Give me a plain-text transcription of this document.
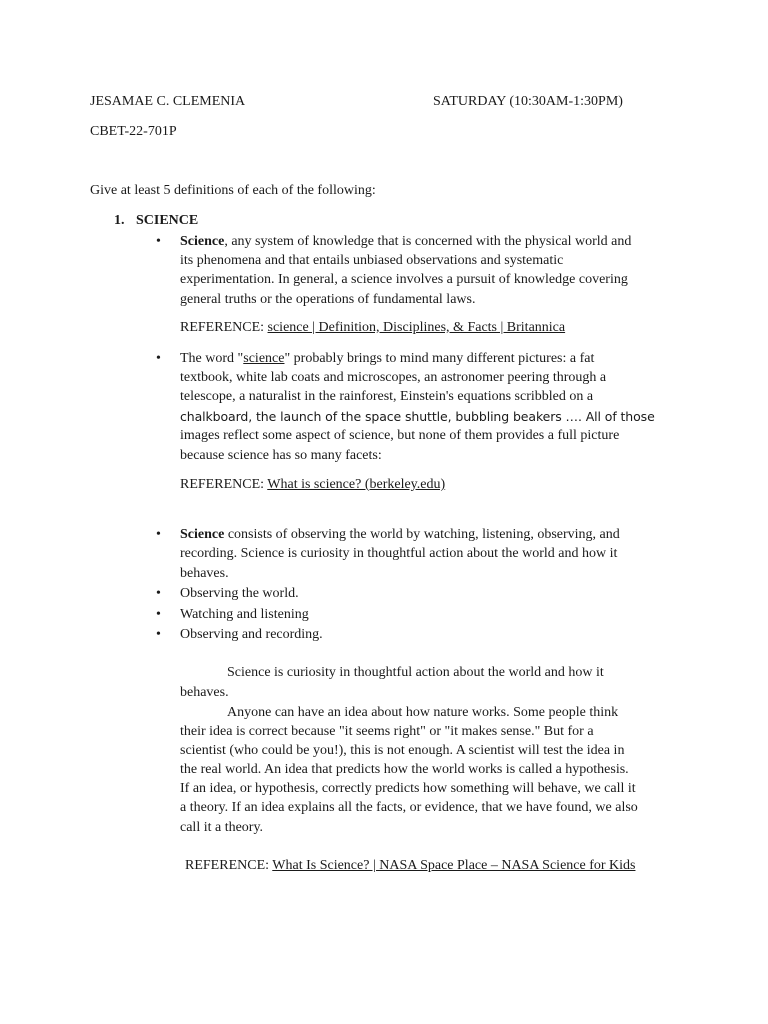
JESAMAE C. CLEMENIA	SATURDAY (10:30AM-1:30PM)
CBET-22-701P
Give at least 5 definitions of each of the following:
1. SCIENCE
• Science, any system of knowledge that is concerned with the physical world and
its phenomena and that entails unbiased observations and systematic
experimentation. In general, a science involves a pursuit of knowledge covering
general truths or the operations of fundamental laws.
REFERENCE: science | Definition, Disciplines, & Facts | Britannica
• The word "science" probably brings to mind many different pictures: a fat
textbook, white lab coats and microscopes, an astronomer peering through a
telescope, a naturalist in the rainforest, Einstein's equations scribbled on a
chalkboard, the launch of the space shuttle, bubbling beakers …. All of those
images reflect some aspect of science, but none of them provides a full picture
because science has so many facets:
REFERENCE: What is science? (berkeley.edu)
• Science consists of observing the world by watching, listening, observing, and
recording. Science is curiosity in thoughtful action about the world and how it
behaves.
• Observing the world.
• Watching and listening
• Observing and recording.
Science is curiosity in thoughtful action about the world and how it
behaves.
Anyone can have an idea about how nature works. Some people think
their idea is correct because "it seems right" or "it makes sense." But for a
scientist (who could be you!), this is not enough. A scientist will test the idea in
the real world. An idea that predicts how the world works is called a hypothesis.
If an idea, or hypothesis, correctly predicts how something will behave, we call it
a theory. If an idea explains all the facts, or evidence, that we have found, we also
call it a theory.
REFERENCE: What Is Science? | NASA Space Place – NASA Science for Kids
